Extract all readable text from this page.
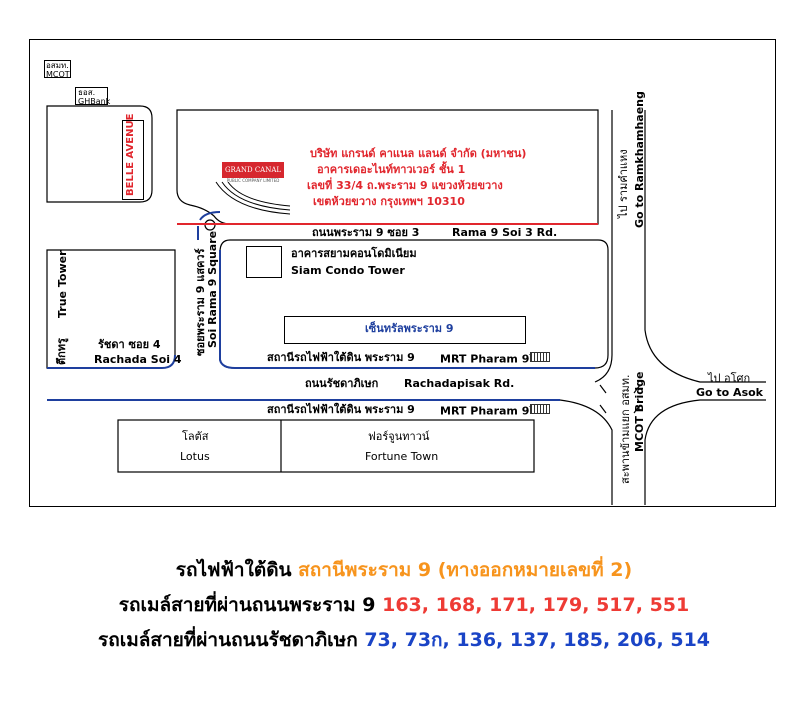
อสมท.
MCOT
ธอส.
GHBank
BELLE AVENUE	GRAND CANAL LAND
PUBLIC COMPANY LIMITED
บริษัท แกรนด์ คาแนล แลนด์ จำกัด (มหาชน)
อาคารเดอะไนท์ทาวเวอร์ ชั้น 1
เลขที่ 33/4 ถ.พระราม 9 แขวงห้วยขวาง
เขตห้วยขวาง กรุงเทพฯ 10310
ถนนพระราม 9 ซอย 3	Rama 9 Soi 3 Rd.
ไป รามคำแหง Go to Ramkhamhaeng
อาคารสยามคอนโดมิเนียม
Siam Condo Tower
ตึกทรู
True Tower	ซอยพระราม 9 แสควร์ Soi Rama 9 Square	เซ็นทรัลพระราม 9
รัชดา ซอย 4
Rachada Soi 4	สถานีรถไฟฟ้าใต้ดิน พระราม 9 MRT Pharam 9
ถนนรัชดาภิเษก Rachadapisak Rd.
สถานีรถไฟฟ้าใต้ดิน พระราม 9 MRT Pharam 9
โลตัส
Lotus
ฟอร์จูนทาวน์
Fortune Town
ไป อโศก
Go to Asok
สะพานข้ามแยก อสมท. MCOT Bridge
รถไฟฟ้าใต้ดิน สถานีพระราม 9 (ทางออกหมายเลขที่ 2)
รถเมล์สายที่ผ่านถนนพระราม 9 163, 168, 171, 179, 517, 551
รถเมล์สายที่ผ่านถนนรัชดาภิเษก 73, 73ก, 136, 137, 185, 206, 514
